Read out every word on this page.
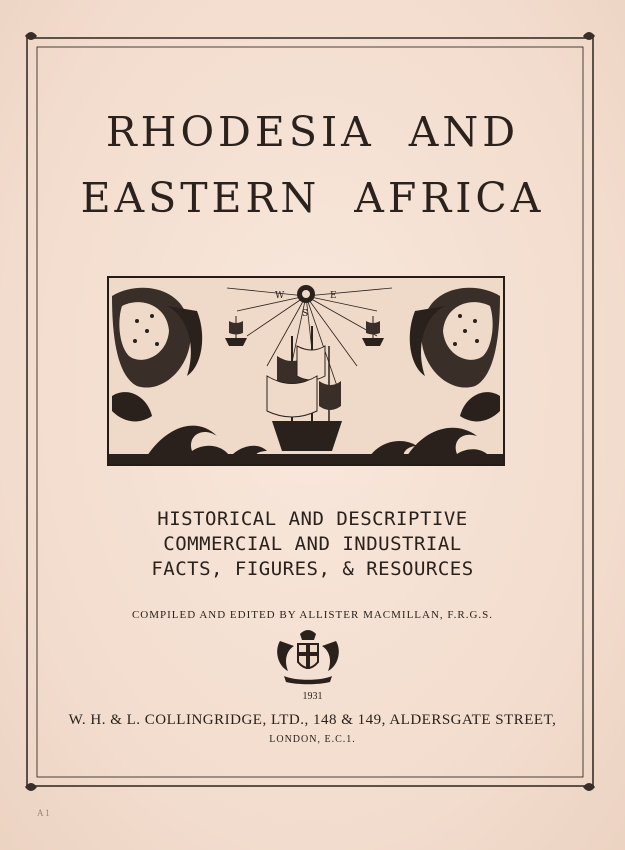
RHODESIA  AND
EASTERN  AFRICA
W	E
S
HISTORICAL AND DESCRIPTIVE
COMMERCIAL AND INDUSTRIAL
FACTS, FIGURES, & RESOURCES
COMPILED AND EDITED BY ALLISTER MACMILLAN, F.R.G.S.
1931
W. H. & L. COLLINGRIDGE, LTD., 148 & 149, ALDERSGATE STREET,
LONDON, E.C.1.
A 1
